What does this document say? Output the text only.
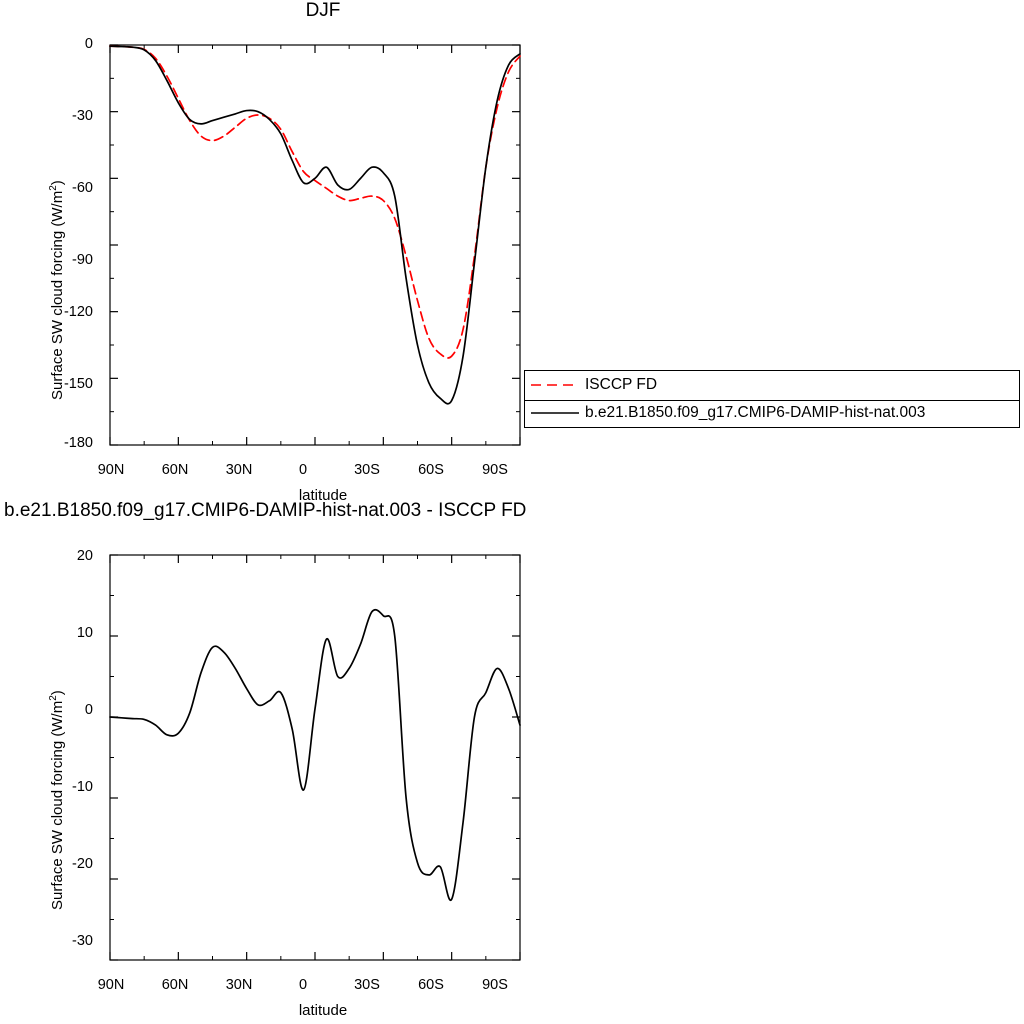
DJF
Surface SW cloud forcing $(W/m^2)$
latitude
0
-30
-60
-90
-120
-150
-180
90N	60N	30N	0	30S	60S	90S
b.e21.B1850.f09_g17.CMIP6-DAMIP-hist-nat.003 - ISCCP FD
Surface SW cloud forcing $(W/m^2)$
latitude
20
10
0
-10
-20
-30
90N	60N	30N	0	30S	60S	90S
ISCCP FD
b.e21.B1850.f09_g17.CMIP6-DAMIP-hist-nat.003
